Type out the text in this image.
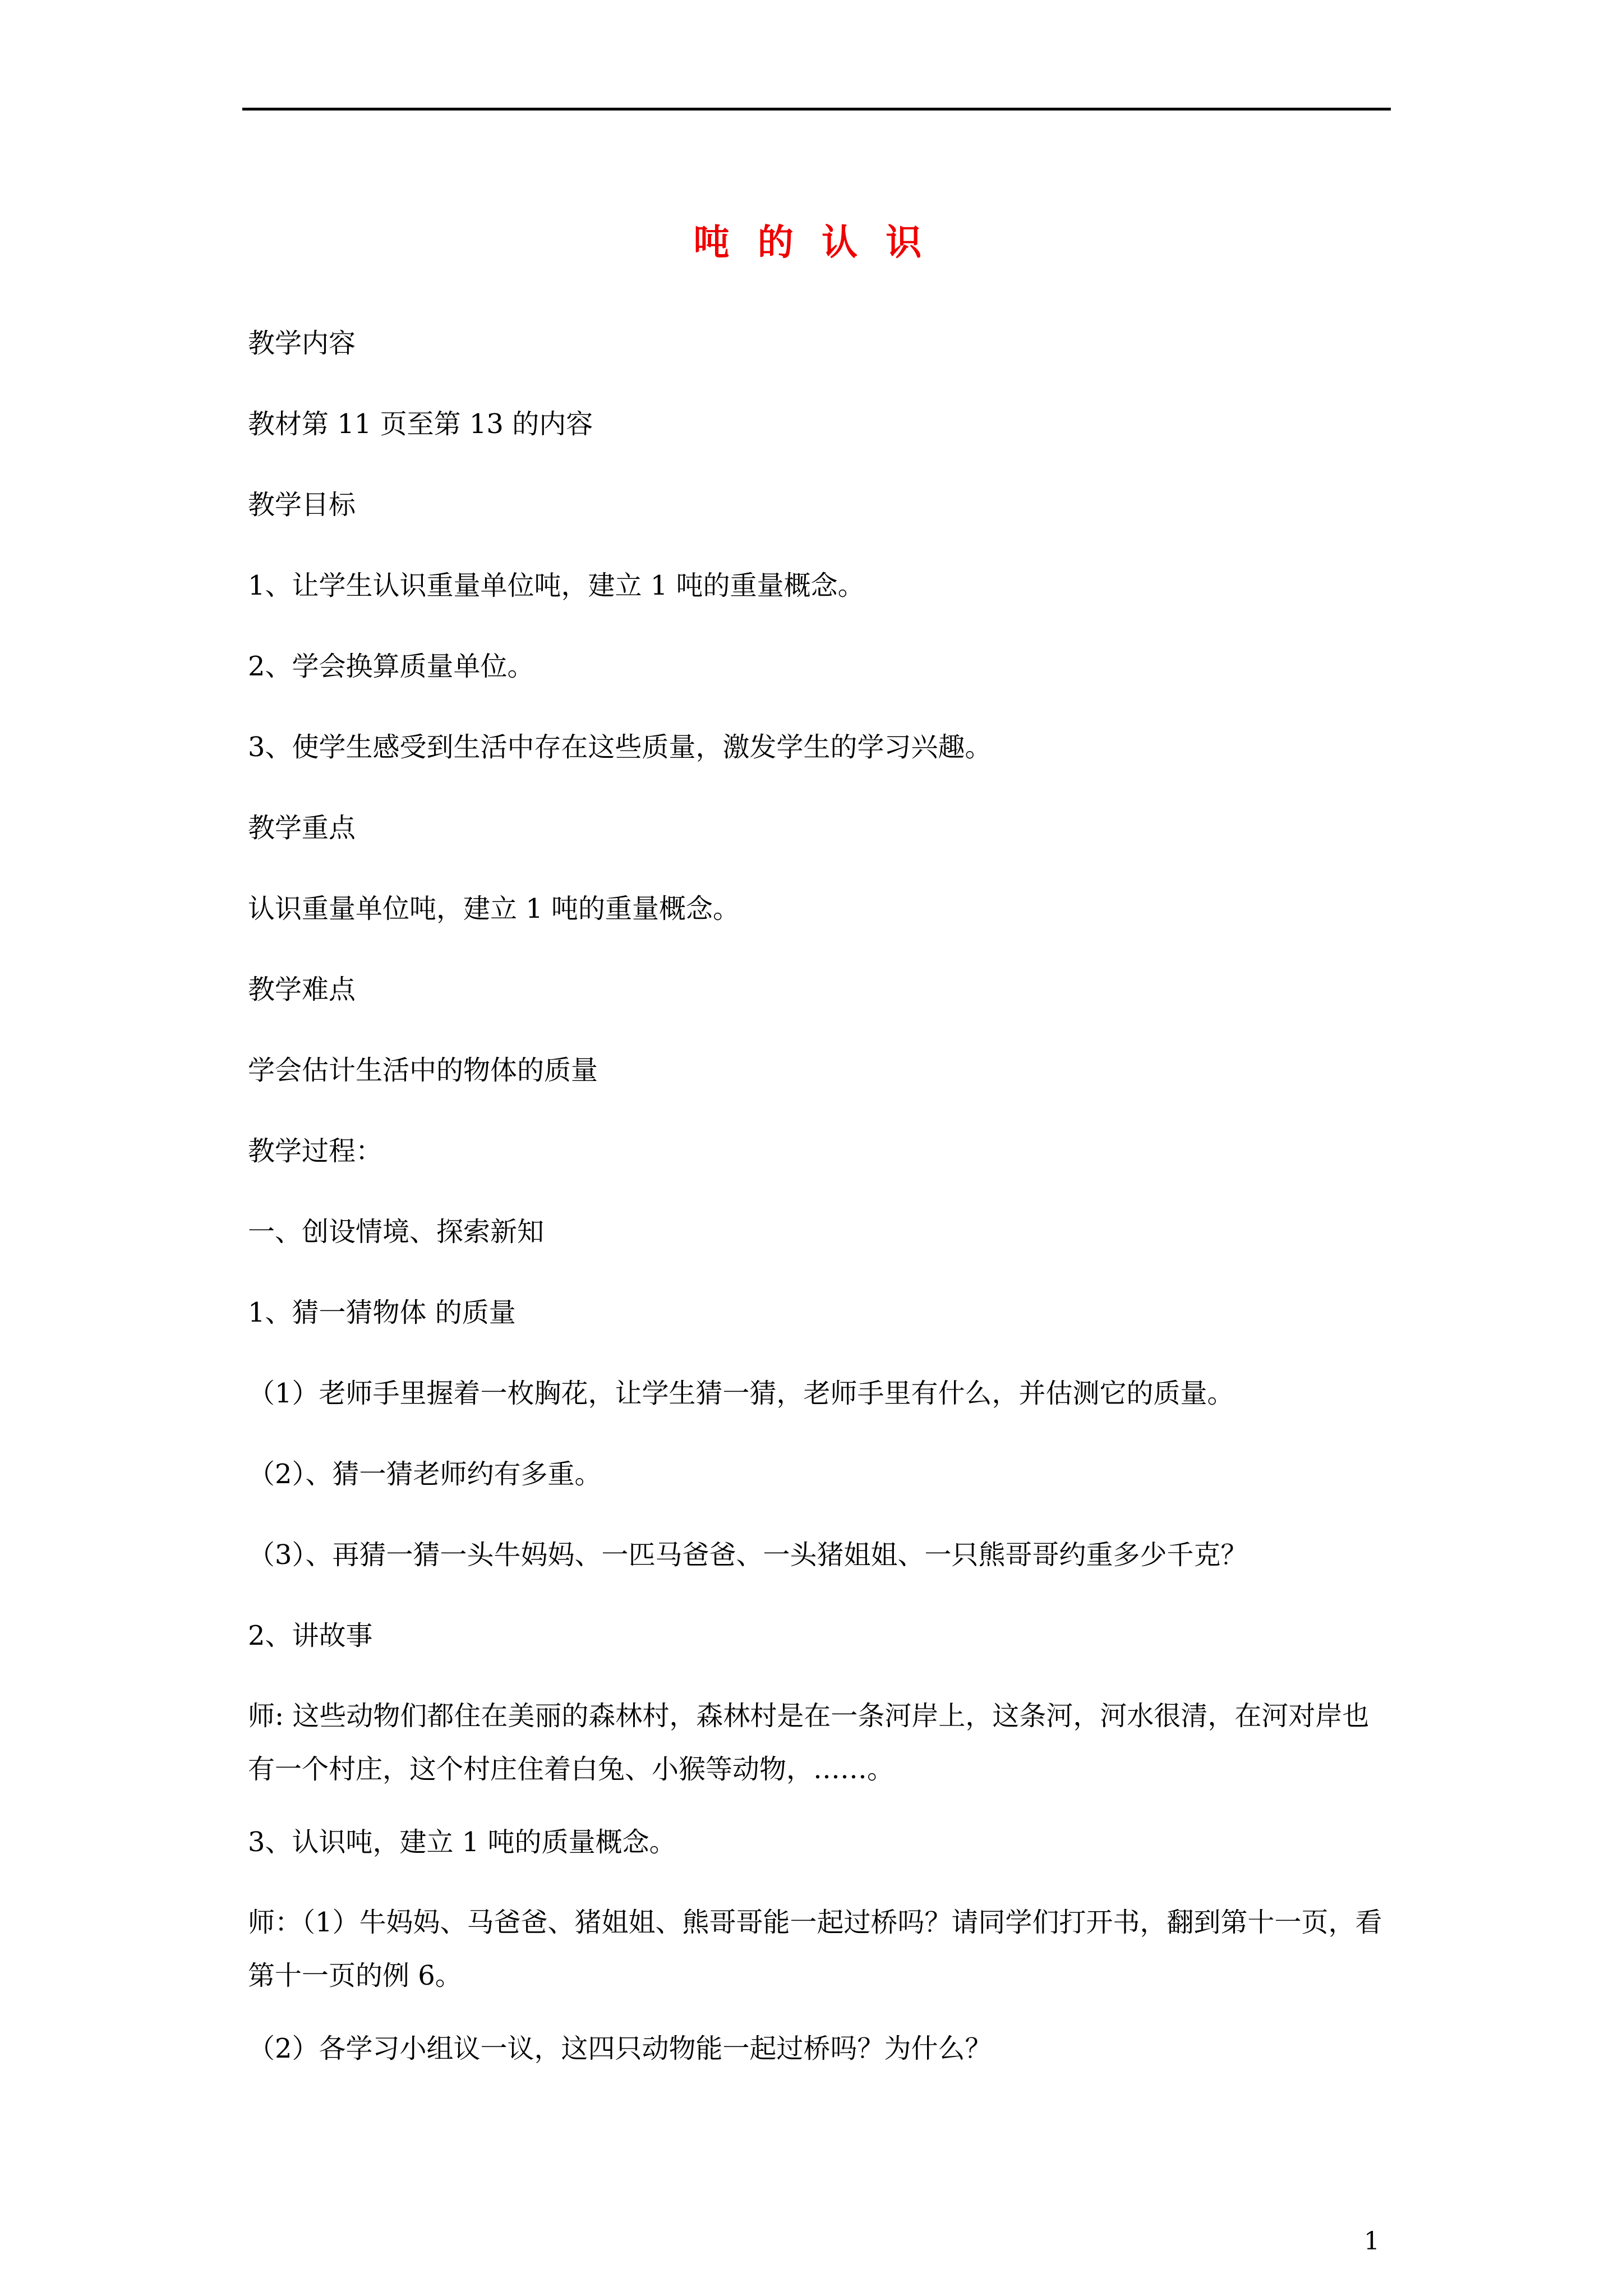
吨 的 认 识
教学内容
教材第 11 页至第 13 的内容
教学目标
1、让学生认识重量单位吨，建立 1 吨的重量概念。
2、学会换算质量单位。
3、使学生感受到生活中存在这些质量，激发学生的学习兴趣。
教学重点
认识重量单位吨，建立 1 吨的重量概念。
教学难点
学会估计生活中的物体的质量
教学过程：
一、创设情境、探索新知
1、猜一猜物体 的质量
（1）老师手里握着一枚胸花，让学生猜一猜，老师手里有什么，并估测它的质量。
（2）、猜一猜老师约有多重。
（3）、再猜一猜一头牛妈妈、一匹马爸爸、一头猪姐姐、一只熊哥哥约重多少千克？
2、讲故事
师: 这些动物们都住在美丽的森林村，森林村是在一条河岸上，这条河，河水很清，在河对岸也有一个村庄，这个村庄住着白兔、小猴等动物，……。
3、认识吨，建立 1 吨的质量概念。
师：（1）牛妈妈、马爸爸、猪姐姐、熊哥哥能一起过桥吗？请同学们打开书，翻到第十一页，看第十一页的例 6。
（2）各学习小组议一议，这四只动物能一起过桥吗？为什么？
1
